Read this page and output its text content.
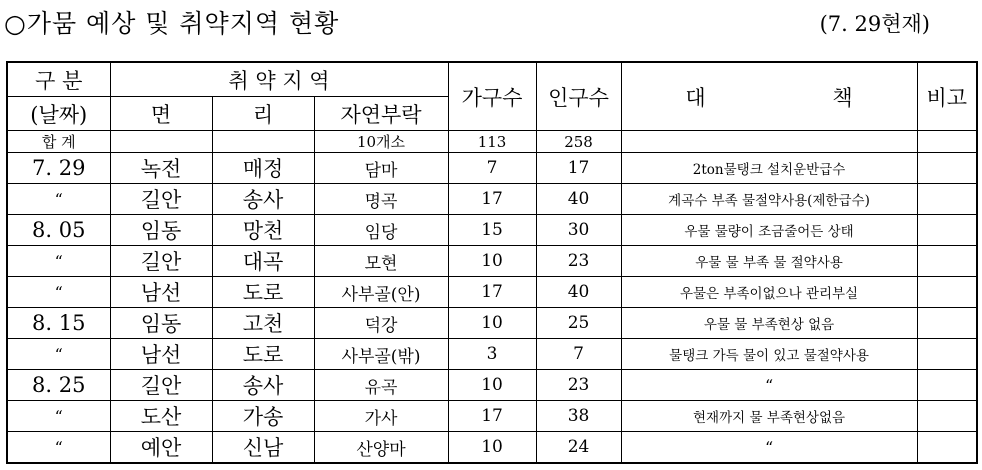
○가뭄 예상 및 취약지역 현황	(7. 29현재)
구 분	취 약 지 역			가구수	인구수	대 책	비고
(날짜)	면	리	자연부락				
합 계			10개소	113	258		
7. 29	녹전	매정	담마	7	17	2ton물탱크 설치운반급수	
“	길안	송사	명곡	17	40	계곡수 부족 물절약사용(제한급수)	
8. 05	임동	망천	임당	15	30	우물 물량이 조금줄어든 상태	
“	길안	대곡	모현	10	23	우물 물 부족 물 절약사용	
“	남선	도로	사부골(안)	17	40	우물은 부족이없으나 관리부실	
8. 15	임동	고천	덕강	10	25	우물 물 부족현상 없음	
“	남선	도로	사부골(밖)	3	7	물탱크 가득 물이 있고 물절약사용	
8. 25	길안	송사	유곡	10	23	“	
“	도산	가송	가사	17	38	현재까지 물 부족현상없음	
“	예안	신남	산양마	10	24	“	
